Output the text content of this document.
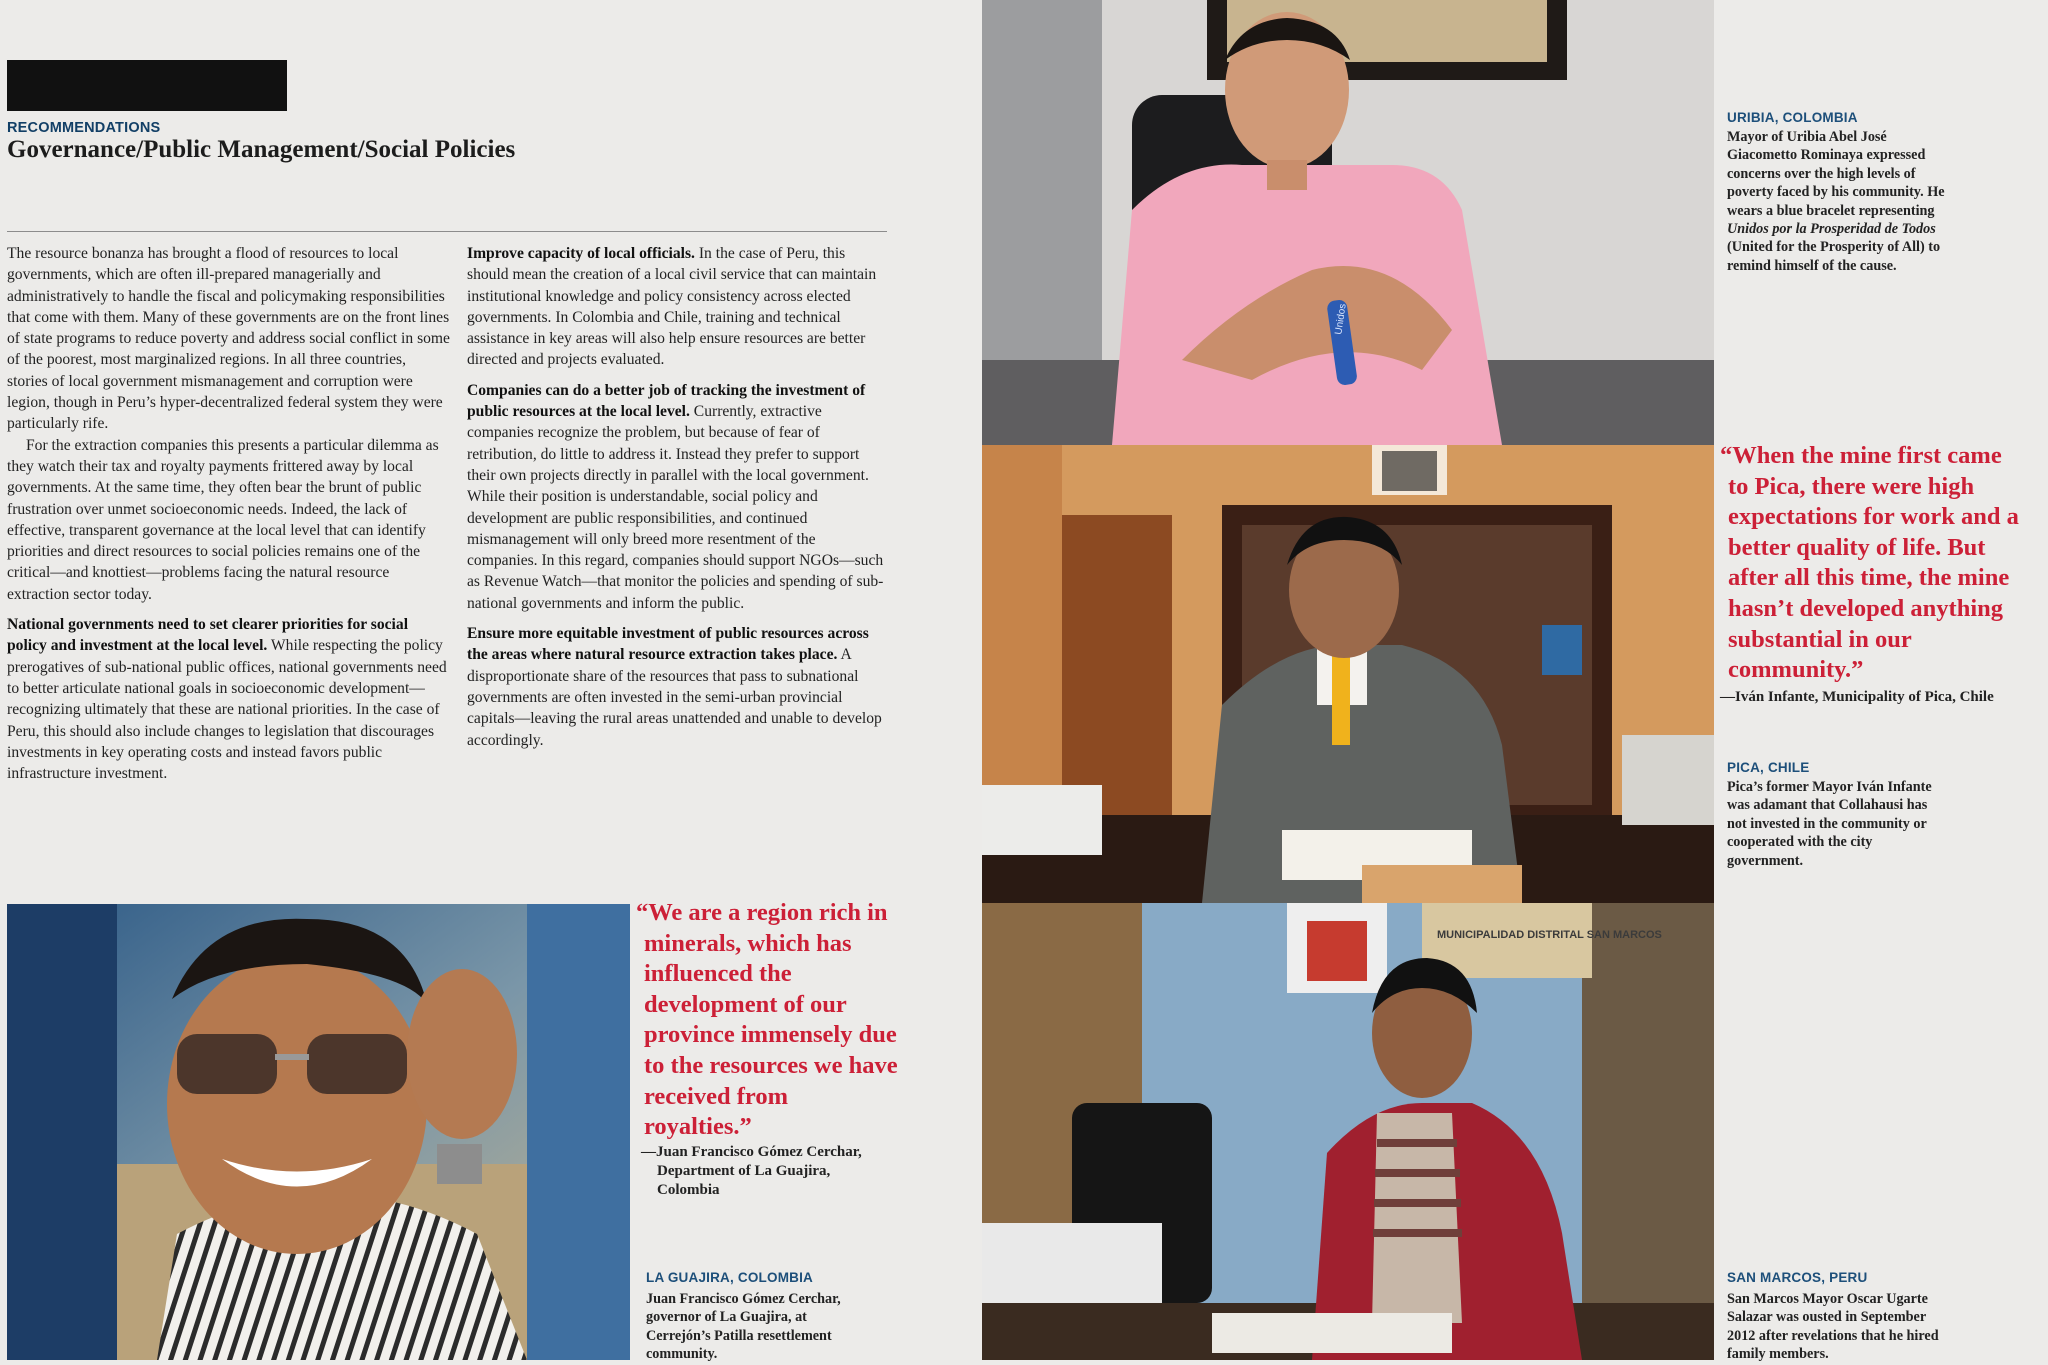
RECOMMENDATIONS
Governance/Public Management/Social Policies

The resource bonanza has brought a flood of resources to local governments, which are often ill-prepared managerially and administratively to handle the fiscal and policymaking responsibilities that come with them. Many of these governments are on the front lines of state programs to reduce poverty and address social conflict in some of the poorest, most marginalized regions. In all three countries, stories of local government mismanagement and corruption were legion, though in Peru’s hyper-decentralized federal system they were particularly rife.

For the extraction companies this presents a particular dilemma as they watch their tax and royalty payments frittered away by local governments. At the same time, they often bear the brunt of public frustration over unmet socioeconomic needs. Indeed, the lack of effective, transparent governance at the local level that can identify priorities and direct resources to social policies remains one of the critical—and knottiest—problems facing the natural resource extraction sector today.

National governments need to set clearer priorities for social policy and investment at the local level. While respecting the policy prerogatives of sub-national public offices, national governments need to better articulate national goals in socioeconomic development—recognizing ultimately that these are national priorities. In the case of Peru, this should also include changes to legislation that discourages investments in key operating costs and instead favors public infrastructure investment.

Improve capacity of local officials. In the case of Peru, this should mean the creation of a local civil service that can maintain institutional knowledge and policy consistency across elected governments. In Colombia and Chile, training and technical assistance in key areas will also help ensure resources are better directed and projects evaluated.

Companies can do a better job of tracking the investment of public resources at the local level. Currently, extractive companies recognize the problem, but because of fear of retribution, do little to address it. Instead they prefer to support their own projects directly in parallel with the local government. While their position is understandable, social policy and development are public responsibilities, and continued mismanagement will only breed more resentment of the companies. In this regard, companies should support NGOs—such as Revenue Watch—that monitor the policies and spending of sub-national governments and inform the public.

Ensure more equitable investment of public resources across the areas where natural resource extraction takes place. A disproportionate share of the resources that pass to subnational governments are often invested in the semi-urban provincial capitals—leaving the rural areas unattended and unable to develop accordingly.

“We are a region rich in minerals, which has influenced the development of our province immensely due to the resources we have received from royalties.”
—Juan Francisco Gómez Cerchar, Department of La Guajira, Colombia
LA GUAJIRA, COLOMBIA
Juan Francisco Gómez Cerchar, governor of La Guajira, at Cerrejón’s Patilla resettlement community.
Unidos
URIBIA, COLOMBIA
Mayor of Uribia Abel José Giacometto Rominaya expressed concerns over the high levels of poverty faced by his community. He wears a blue bracelet representing Unidos por la Prosperidad de Todos (United for the Prosperity of All) to remind himself of the cause.
“When the mine first came to Pica, there were high expectations for work and a better quality of life. But after all this time, the mine hasn’t developed anything substantial in our community.”
—Iván Infante, Municipality of Pica, Chile
PICA, CHILE
Pica’s former Mayor Iván Infante was adamant that Collahausi has not invested in the community or cooperated with the city government.
MUNICIPALIDAD DISTRITAL SAN MARCOS
SAN MARCOS, PERU
San Marcos Mayor Oscar Ugarte Salazar was ousted in September 2012 after revelations that he hired family members.
